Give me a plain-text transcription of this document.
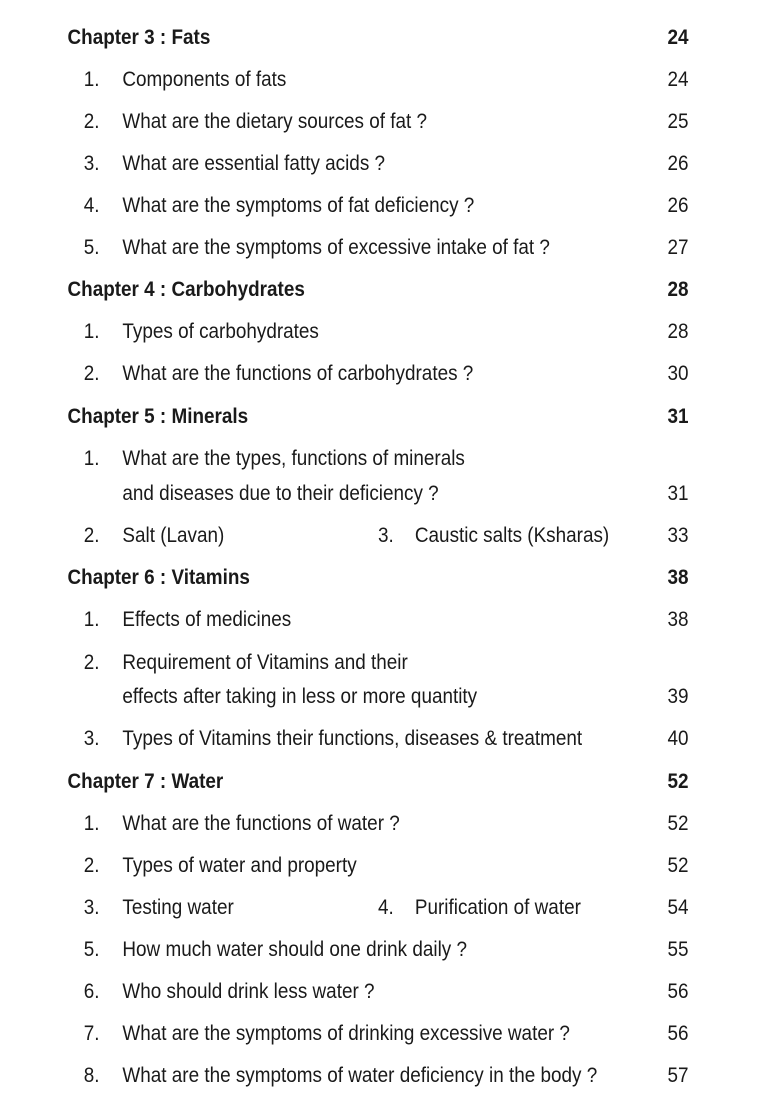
Chapter 3 : Fats	24
1. Components of fats	24
2. What are the dietary sources of fat ?	25
3. What are essential fatty acids ?	26
4. What are the symptoms of fat deficiency ?	26
5. What are the symptoms of excessive intake of fat ?	27
Chapter 4 : Carbohydrates	28
1. Types of carbohydrates	28
2. What are the functions of carbohydrates ?	30
Chapter 5 : Minerals	31
1. What are the types, functions of minerals
and diseases due to their deficiency ?	31
2. Salt (Lavan)	3. Caustic salts (Ksharas)	33
Chapter 6 : Vitamins	38
1. Effects of medicines	38
2. Requirement of Vitamins and their
effects after taking in less or more quantity	39
3. Types of Vitamins their functions, diseases & treatment	40
Chapter 7 : Water	52
1. What are the functions of water ?	52
2. Types of water and property	52
3. Testing water	4. Purification of water	54
5. How much water should one drink daily ?	55
6. Who should drink less water ?	56
7. What are the symptoms of drinking excessive water ?	56
8. What are the symptoms of water deficiency in the body ?	57
